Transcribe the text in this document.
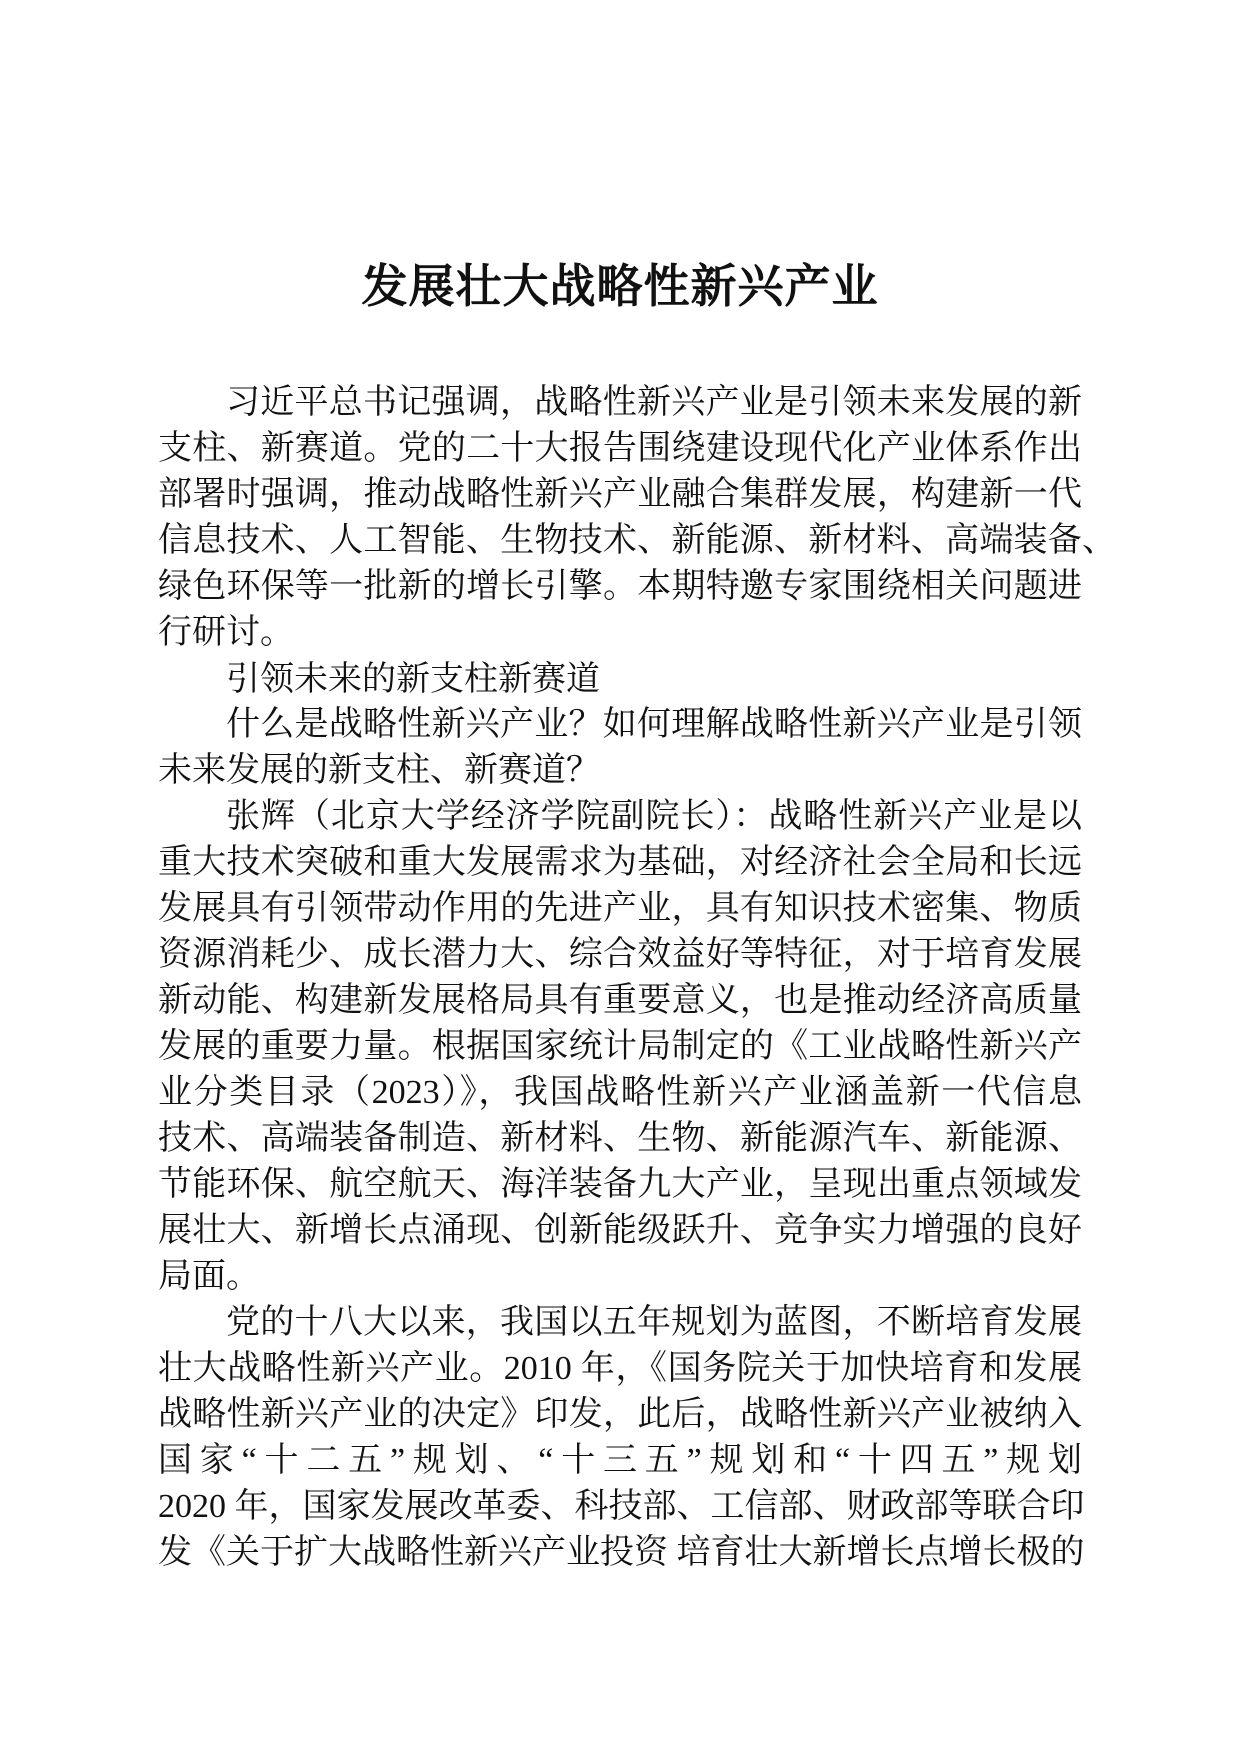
发展壮大战略性新兴产业
习近平总书记强调，战略性新兴产业是引领未来发展的新
支柱、新赛道。党的二十大报告围绕建设现代化产业体系作出
部署时强调，推动战略性新兴产业融合集群发展，构建新一代
信息技术、人工智能、生物技术、新能源、新材料、高端装备、
绿色环保等一批新的增长引擎。本期特邀专家围绕相关问题进
行研讨。
引领未来的新支柱新赛道
什么是战略性新兴产业？如何理解战略性新兴产业是引领
未来发展的新支柱、新赛道？
张辉（北京大学经济学院副院长）：战略性新兴产业是以
重大技术突破和重大发展需求为基础，对经济社会全局和长远
发展具有引领带动作用的先进产业，具有知识技术密集、物质
资源消耗少、成长潜力大、综合效益好等特征，对于培育发展
新动能、构建新发展格局具有重要意义，也是推动经济高质量
发展的重要力量。根据国家统计局制定的《工业战略性新兴产
业分类目录（2023）》，我国战略性新兴产业涵盖新一代信息
技术、高端装备制造、新材料、生物、新能源汽车、新能源、
节能环保、航空航天、海洋装备九大产业，呈现出重点领域发
展壮大、新增长点涌现、创新能级跃升、竞争实力增强的良好
局面。
党的十八大以来，我国以五年规划为蓝图，不断培育发展
壮大战略性新兴产业。2010 年，《国务院关于加快培育和发展
战略性新兴产业的决定》印发，此后，战略性新兴产业被纳入
国家“十二五”规划、“十三五”规划和“十四五”规划
2020 年，国家发展改革委、科技部、工信部、财政部等联合印
发《关于扩大战略性新兴产业投资 培育壮大新增长点增长极的
